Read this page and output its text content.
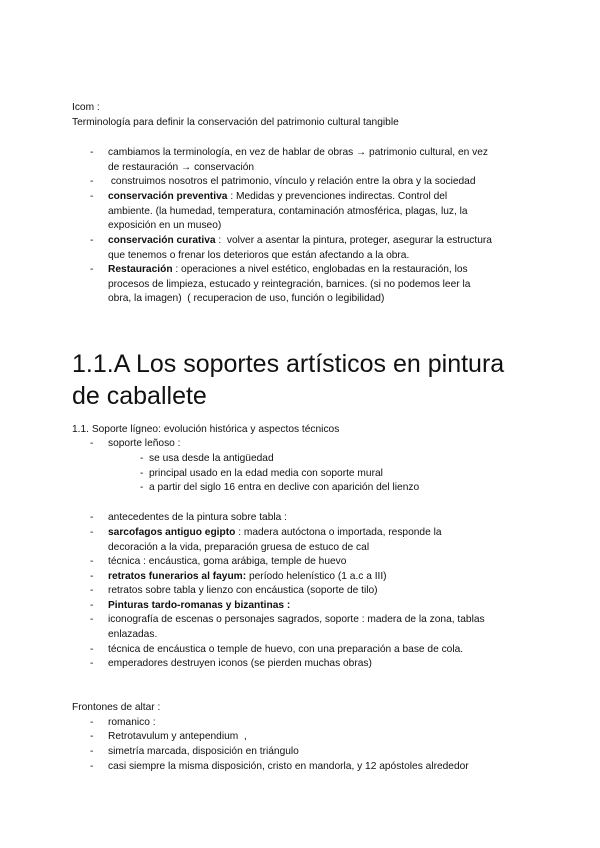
Icom :
Terminología para definir la conservación del patrimonio cultural tangible
- cambiamos la terminología, en vez de hablar de obras → patrimonio cultural, en vez
de restauración → conservación
- construimos nosotros el patrimonio, vínculo y relación entre la obra y la sociedad
- conservación preventiva : Medidas y prevenciones indirectas. Control del
ambiente. (la humedad, temperatura, contaminación atmosférica, plagas, luz, la
exposición en un museo)
- conservación curativa :  volver a asentar la pintura, proteger, asegurar la estructura
que tenemos o frenar los deterioros que están afectando a la obra.
- Restauración : operaciones a nivel estético, englobadas en la restauración, los
procesos de limpieza, estucado y reintegración, barnices. (si no podemos leer la
obra, la imagen)  ( recuperacion de uso, función o legibilidad)
1.1.A Los soportes artísticos en pintura
de caballete
1.1. Soporte lígneo: evolución histórica y aspectos técnicos
- soporte leñoso :
- se usa desde la antigüedad
- principal usado en la edad media con soporte mural
- a partir del siglo 16 entra en declive con aparición del lienzo
- antecedentes de la pintura sobre tabla :
- sarcofagos antiguo egipto : madera autóctona o importada, responde la
decoración a la vida, preparación gruesa de estuco de cal
- técnica : encáustica, goma arábiga, temple de huevo
- retratos funerarios al fayum: período helenístico (1 a.c a III)
- retratos sobre tabla y lienzo con encáustica (soporte de tilo)
- Pinturas tardo-romanas y bizantinas :
- iconografía de escenas o personajes sagrados, soporte : madera de la zona, tablas
enlazadas.
- técnica de encáustica o temple de huevo, con una preparación a base de cola.
- emperadores destruyen iconos (se pierden muchas obras)
Frontones de altar :
- romanico :
- Retrotavulum y antependium  ,
- simetría marcada, disposición en triángulo
- casi siempre la misma disposición, cristo en mandorla, y 12 apóstoles alrededor
